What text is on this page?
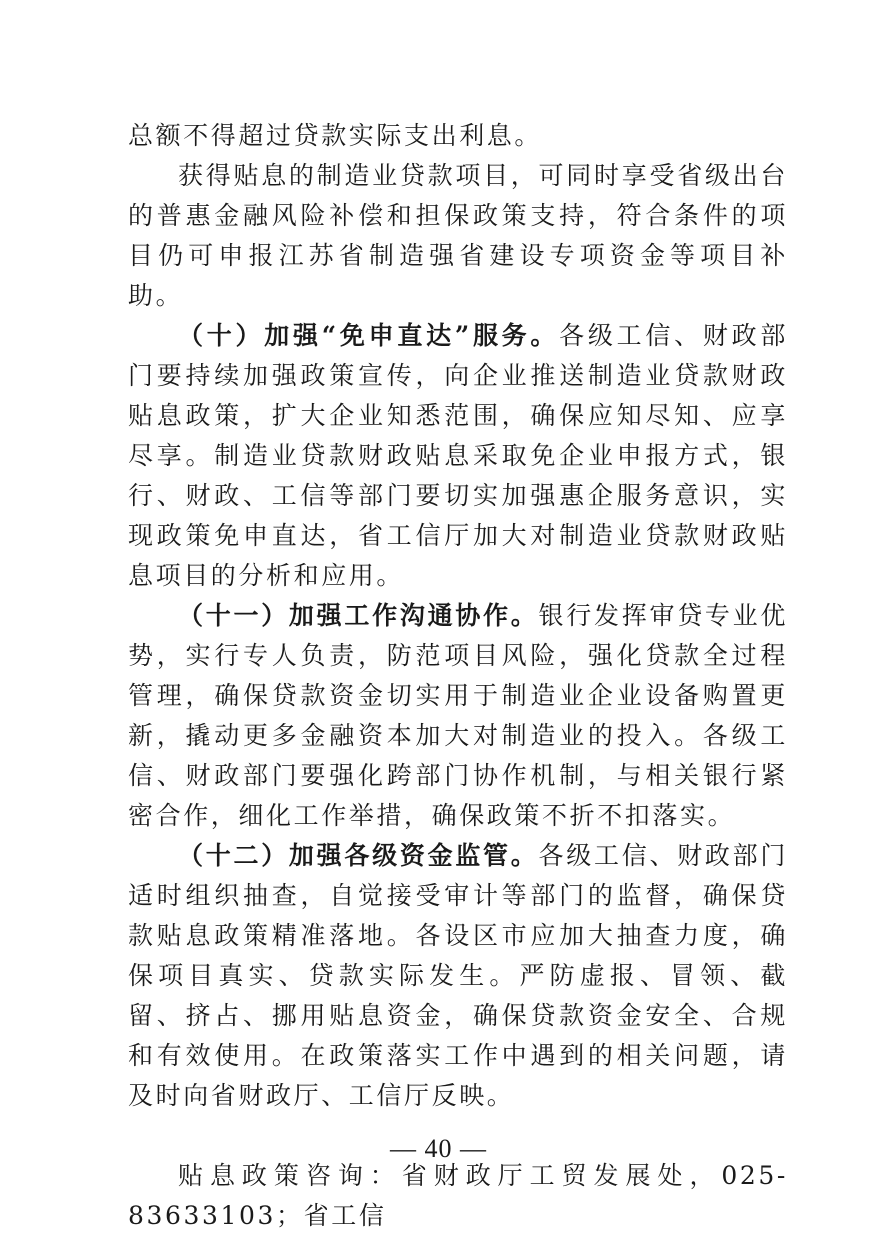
总额不得超过贷款实际支出利息。

获得贴息的制造业贷款项目，可同时享受省级出台的普惠金融风险补偿和担保政策支持，符合条件的项目仍可申报江苏省制造强省建设专项资金等项目补助。

（十）加强“免申直达”服务。各级工信、财政部门要持续加强政策宣传，向企业推送制造业贷款财政贴息政策，扩大企业知悉范围，确保应知尽知、应享尽享。制造业贷款财政贴息采取免企业申报方式，银行、财政、工信等部门要切实加强惠企服务意识，实现政策免申直达，省工信厅加大对制造业贷款财政贴息项目的分析和应用。

（十一）加强工作沟通协作。银行发挥审贷专业优势，实行专人负责，防范项目风险，强化贷款全过程管理，确保贷款资金切实用于制造业企业设备购置更新，撬动更多金融资本加大对制造业的投入。各级工信、财政部门要强化跨部门协作机制，与相关银行紧密合作，细化工作举措，确保政策不折不扣落实。

（十二）加强各级资金监管。各级工信、财政部门适时组织抽查，自觉接受审计等部门的监督，确保贷款贴息政策精准落地。各设区市应加大抽查力度，确保项目真实、贷款实际发生。严防虚报、冒领、截留、挤占、挪用贴息资金，确保贷款资金安全、合规和有效使用。在政策落实工作中遇到的相关问题，请及时向省财政厅、工信厅反映。

贴息政策咨询：省财政厅工贸发展处，025-83633103；省工信

— 40 —
